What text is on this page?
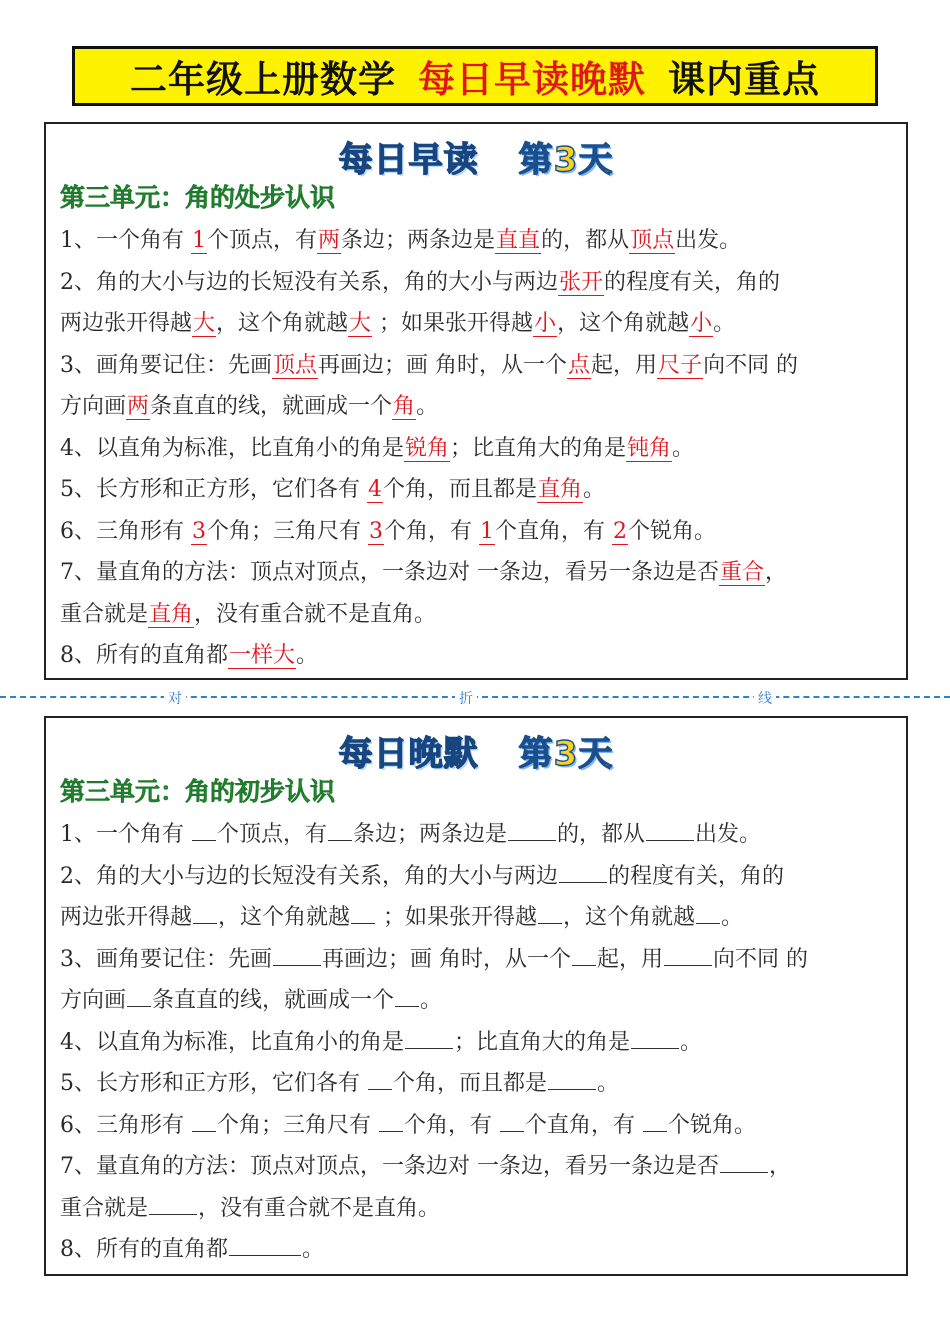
二年级上册数学 每日早读晚默 课内重点
每日早读 第3天
第三单元：角的处步认识
1、一个角有 1个顶点，有两条边；两条边是直直的，都从顶点出发。
2、角的大小与边的长短没有关系，角的大小与两边张开的程度有关，角的
两边张开得越大，这个角就越大 ；如果张开得越小，这个角就越小。
3、画角要记住：先画顶点再画边；画 角时，从一个点起，用尺子向不同 的
方向画两条直直的线，就画成一个角。
4、以直角为标准，比直角小的角是锐角；比直角大的角是钝角。
5、长方形和正方形，它们各有 4个角，而且都是直角。
6、三角形有 3个角；三角尺有 3个角，有 1个直角，有 2个锐角。
7、量直角的方法：顶点对顶点，一条边对 一条边，看另一条边是否重合，
重合就是直角，没有重合就不是直角。
8、所有的直角都一样大。
对	折	线
每日晚默 第3天
第三单元：角的初步认识
1、一个角有 个顶点，有 条边；两条边是 的，都从 出发。
2、角的大小与边的长短没有关系，角的大小与两边 的程度有关，角的
两边张开得越 ，这个角就越 ；如果张开得越 ，这个角就越 。
3、画角要记住：先画 再画边；画 角时，从一个 起，用 向不同 的
方向画 条直直的线，就画成一个 。
4、以直角为标准，比直角小的角是 ；比直角大的角是 。
5、长方形和正方形，它们各有 个角，而且都是 。
6、三角形有 个角；三角尺有 个角，有 个直角，有 个锐角。
7、量直角的方法：顶点对顶点，一条边对 一条边，看另一条边是否 ，
重合就是 ，没有重合就不是直角。
8、所有的直角都	。
